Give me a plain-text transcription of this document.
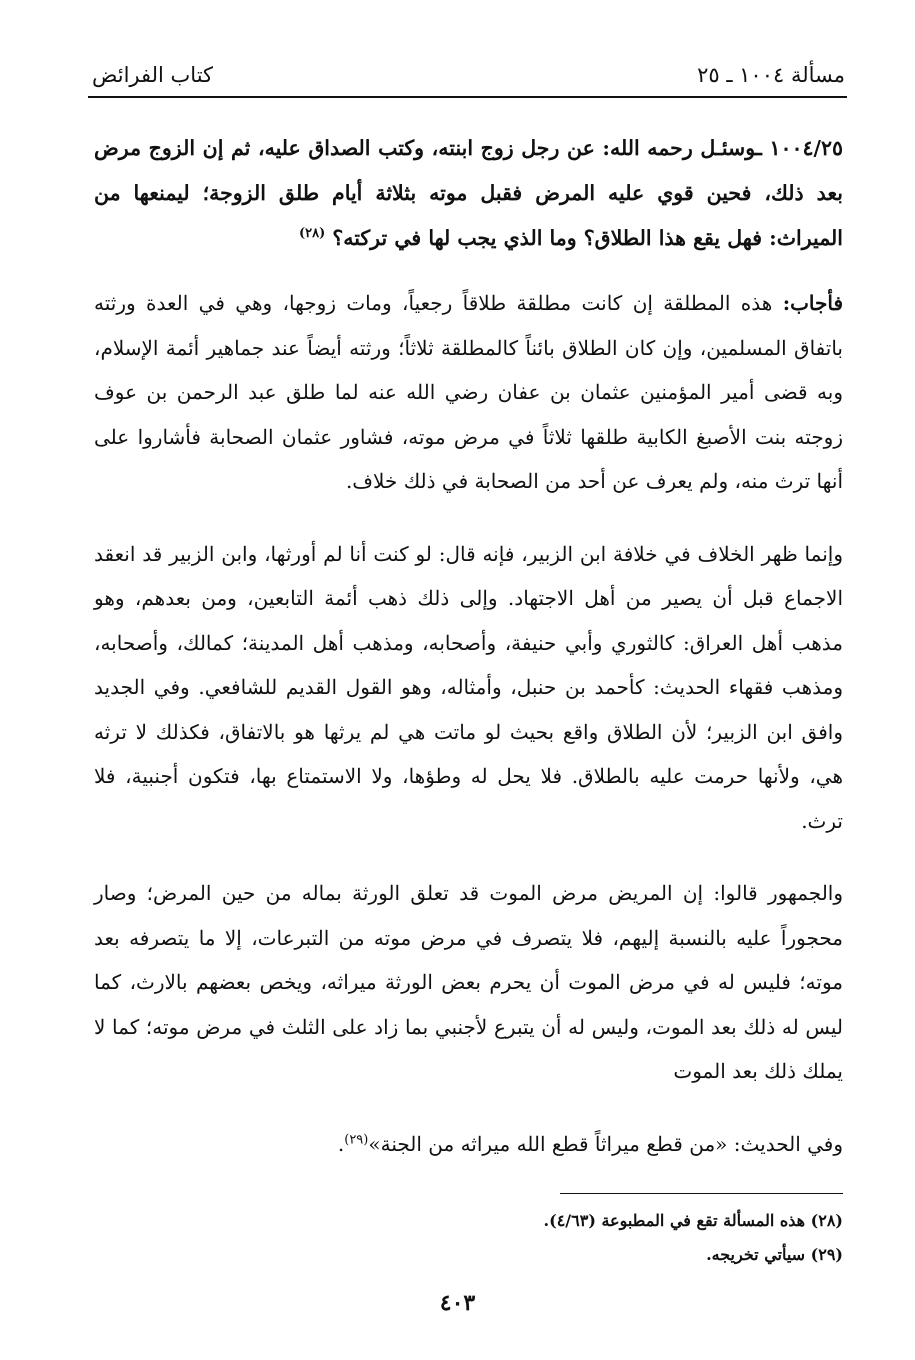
مسألة ١٠٠٤ ـ ٢٥
كتاب الفرائض

١٠٠٤/٢٥ ـوسئـل رحمه الله: عن رجل زوج ابنته، وكتب الصداق عليه، ثم إن الزوج مرض بعد ذلك، فحين قوي عليه المرض فقبل موته بثلاثة أيام طلق الزوجة؛ ليمنعها من الميراث: فهل يقع هذا الطلاق؟ وما الذي يجب لها في تركته؟ $^{(٢٨)}$

فأجاب: هذه المطلقة إن كانت مطلقة طلاقاً رجعياً، ومات زوجها، وهي في العدة ورثته باتفاق المسلمين، وإن كان الطلاق بائناً كالمطلقة ثلاثاً؛ ورثته أيضاً عند جماهير أئمة الإسلام، وبه قضى أمير المؤمنين عثمان بن عفان رضي الله عنه لما طلق عبد الرحمن بن عوف زوجته بنت الأصبغ الكابية طلقها ثلاثاً في مرض موته، فشاور عثمان الصحابة فأشاروا على أنها ترث منه، ولم يعرف عن أحد من الصحابة في ذلك خلاف.

وإنما ظهر الخلاف في خلافة ابن الزبير، فإنه قال: لو كنت أنا لم أورثها، وابن الزبير قد انعقد الاجماع قبل أن يصير من أهل الاجتهاد. وإلى ذلك ذهب أئمة التابعين، ومن بعدهم، وهو مذهب أهل العراق: كالثوري وأبي حنيفة، وأصحابه، ومذهب أهل المدينة؛ كمالك، وأصحابه، ومذهب فقهاء الحديث: كأحمد بن حنبل، وأمثاله، وهو القول القديم للشافعي. وفي الجديد وافق ابن الزبير؛ لأن الطلاق واقع بحيث لو ماتت هي لم يرثها هو بالاتفاق، فكذلك لا ترثه هي، ولأنها حرمت عليه بالطلاق. فلا يحل له وطؤها، ولا الاستمتاع بها، فتكون أجنبية، فلا ترث.

والجمهور قالوا: إن المريض مرض الموت قد تعلق الورثة بماله من حين المرض؛ وصار محجوراً عليه بالنسبة إليهم، فلا يتصرف في مرض موته من التبرعات، إلا ما يتصرفه بعد موته؛ فليس له في مرض الموت أن يحرم بعض الورثة ميراثه، ويخص بعضهم بالارث، كما ليس له ذلك بعد الموت، وليس له أن يتبرع لأجنبي بما زاد على الثلث في مرض موته؛ كما لا يملك ذلك بعد الموت

وفي الحديث: «من قطع ميراثاً قطع الله ميراثه من الجنة»$^{(٢٩)}$.

(٢٨) هذه المسألة تقع في المطبوعة (٤/٦٣).
(٢٩) سيأتي تخريجه.
٤٠٣
